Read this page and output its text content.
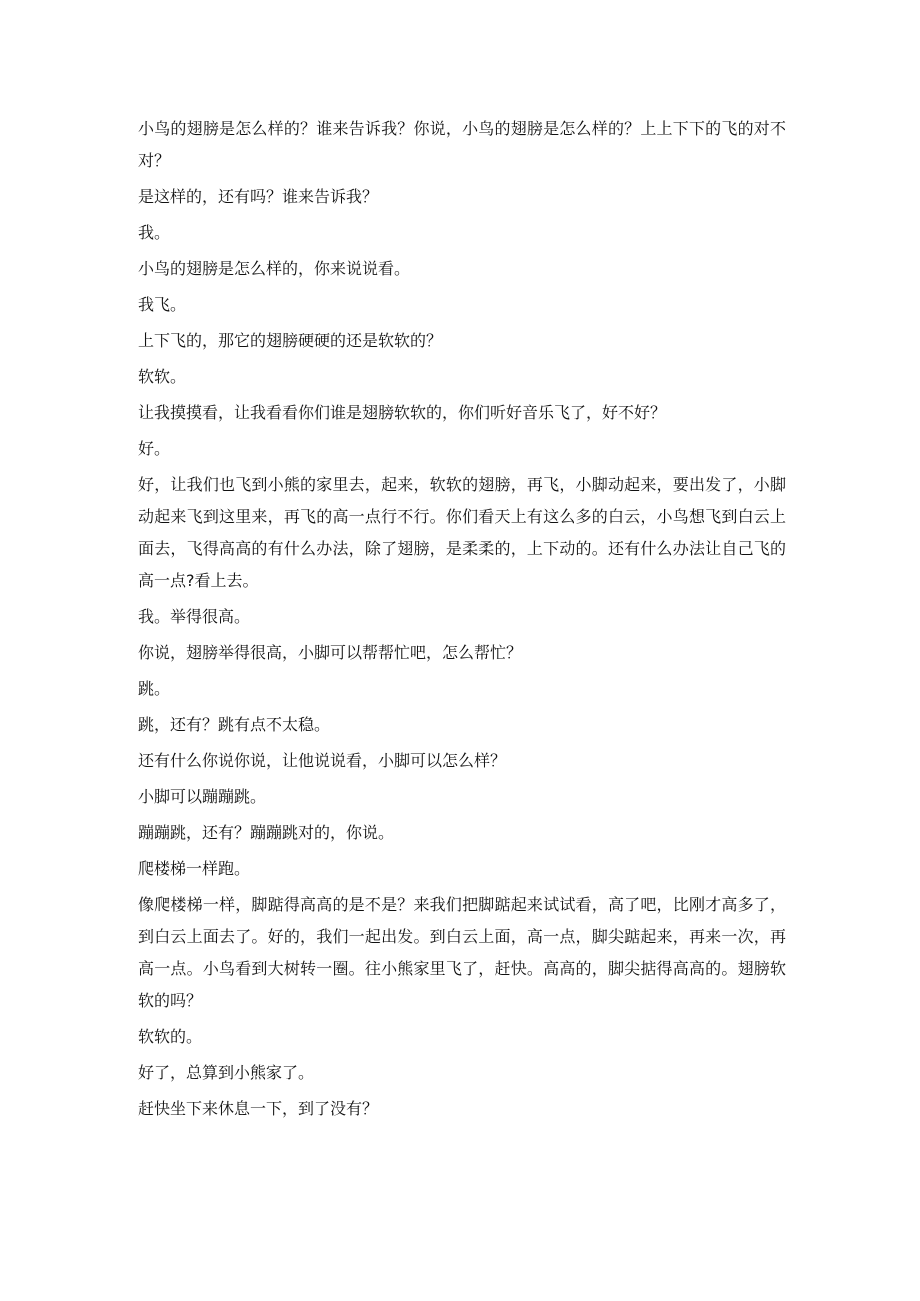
小鸟的翅膀是怎么样的？谁来告诉我？你说，小鸟的翅膀是怎么样的？上上下下的飞的对不对？

是这样的，还有吗？谁来告诉我？

我。

小鸟的翅膀是怎么样的，你来说说看。

我飞。

上下飞的，那它的翅膀硬硬的还是软软的？

软软。

让我摸摸看，让我看看你们谁是翅膀软软的，你们听好音乐飞了，好不好？

好。

好，让我们也飞到小熊的家里去，起来，软软的翅膀，再飞，小脚动起来，要出发了，小脚动起来飞到这里来，再飞的高一点行不行。你们看天上有这么多的白云，小鸟想飞到白云上面去，飞得高高的有什么办法，除了翅膀，是柔柔的，上下动的。还有什么办法让自己飞的高一点?看上去。

我。举得很高。

你说，翅膀举得很高，小脚可以帮帮忙吧，怎么帮忙？

跳。

跳，还有？跳有点不太稳。

还有什么你说你说，让他说说看，小脚可以怎么样？

小脚可以蹦蹦跳。

蹦蹦跳，还有？蹦蹦跳对的，你说。

爬楼梯一样跑。

像爬楼梯一样，脚踮得高高的是不是？来我们把脚踮起来试试看，高了吧，比刚才高多了，到白云上面去了。好的，我们一起出发。到白云上面，高一点，脚尖踮起来，再来一次，再高一点。小鸟看到大树转一圈。往小熊家里飞了，赶快。高高的，脚尖掂得高高的。翅膀软软的吗？

软软的。

好了，总算到小熊家了。

赶快坐下来休息一下，到了没有？
